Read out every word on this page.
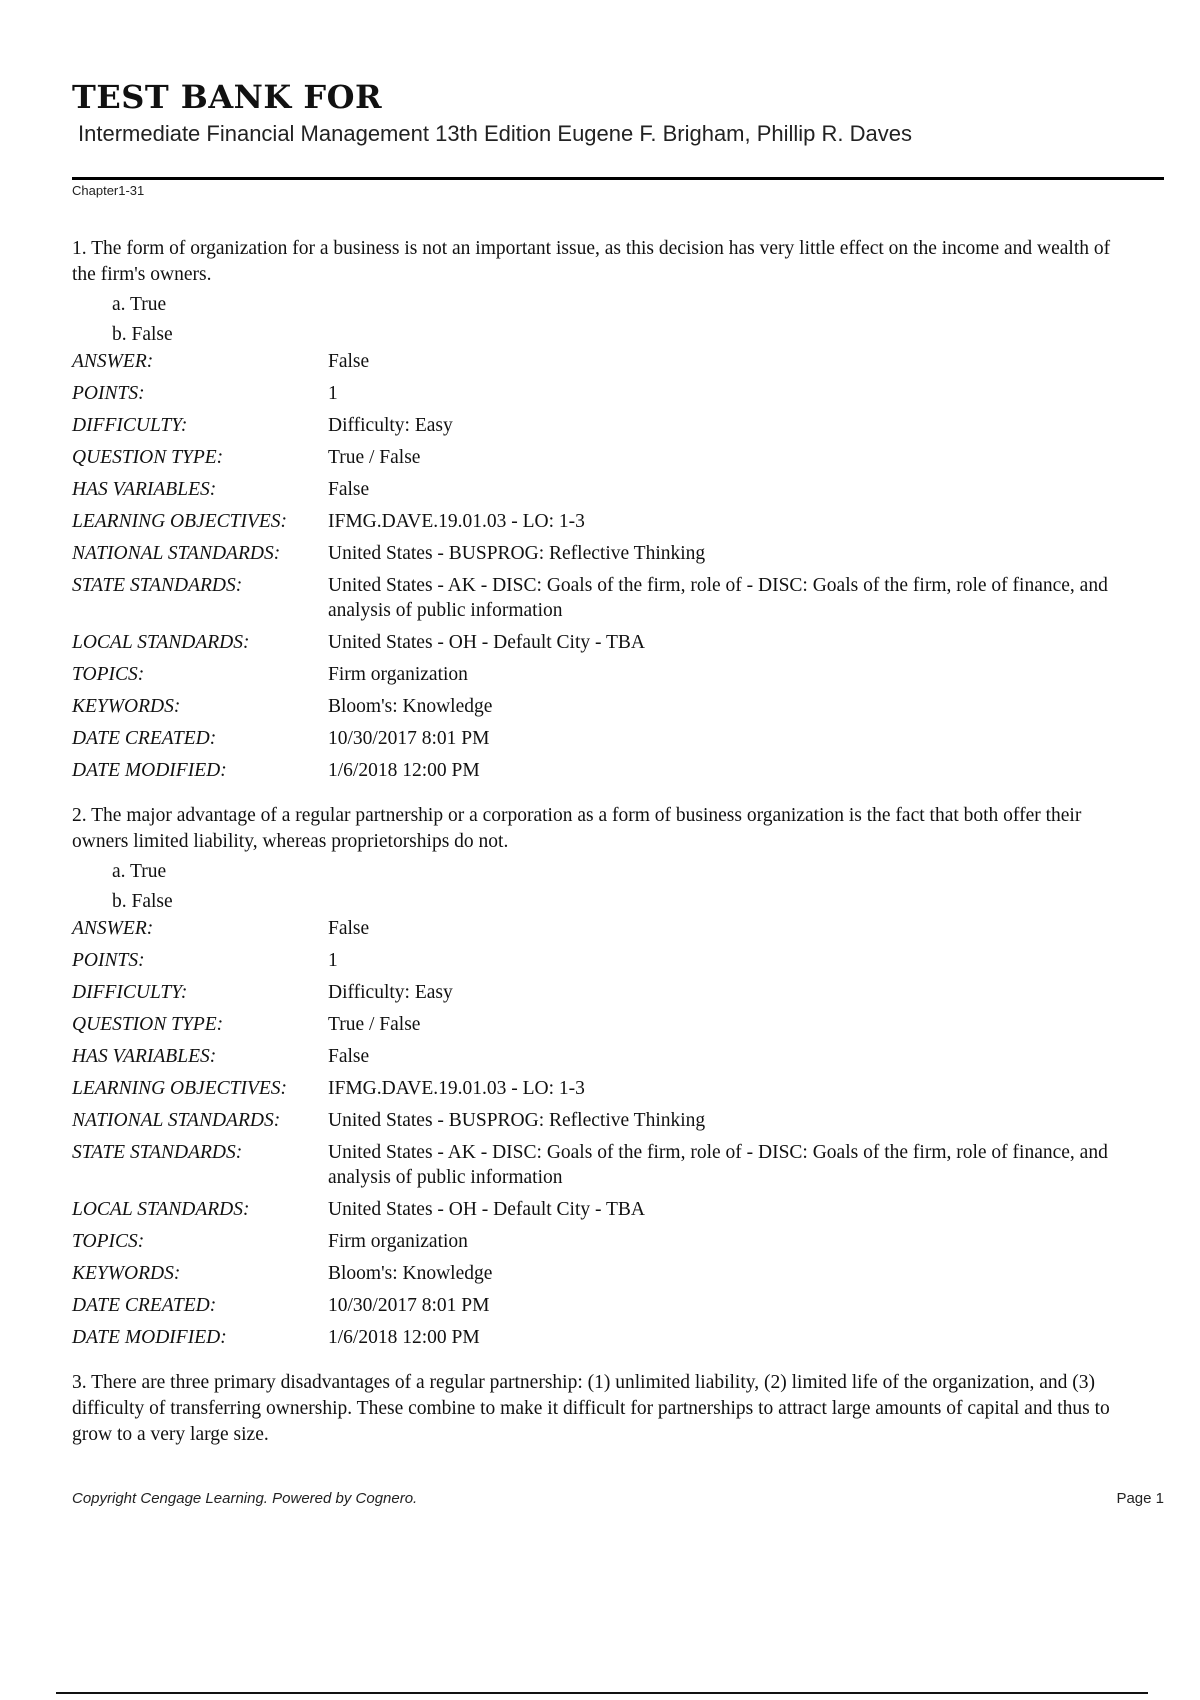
TEST BANK FOR
Intermediate Financial Management 13th Edition Eugene F. Brigham, Phillip R. Daves
Chapter1-31
1. The form of organization for a business is not an important issue, as this decision has very little effect on the income and wealth of the firm's owners.
a. True
b. False
ANSWER:	False
POINTS:	1
DIFFICULTY:	Difficulty: Easy
QUESTION TYPE:	True / False
HAS VARIABLES:	False
LEARNING OBJECTIVES:	IFMG.DAVE.19.01.03 - LO: 1-3
NATIONAL STANDARDS:	United States - BUSPROG: Reflective Thinking
STATE STANDARDS:	United States - AK - DISC: Goals of the firm, role of - DISC: Goals of the firm, role of finance, and analysis of public information
LOCAL STANDARDS:	United States - OH - Default City - TBA
TOPICS:	Firm organization
KEYWORDS:	Bloom's: Knowledge
DATE CREATED:	10/30/2017 8:01 PM
DATE MODIFIED:	1/6/2018 12:00 PM
2. The major advantage of a regular partnership or a corporation as a form of business organization is the fact that both offer their owners limited liability, whereas proprietorships do not.
a. True
b. False
ANSWER:	False
POINTS:	1
DIFFICULTY:	Difficulty: Easy
QUESTION TYPE:	True / False
HAS VARIABLES:	False
LEARNING OBJECTIVES:	IFMG.DAVE.19.01.03 - LO: 1-3
NATIONAL STANDARDS:	United States - BUSPROG: Reflective Thinking
STATE STANDARDS:	United States - AK - DISC: Goals of the firm, role of - DISC: Goals of the firm, role of finance, and analysis of public information
LOCAL STANDARDS:	United States - OH - Default City - TBA
TOPICS:	Firm organization
KEYWORDS:	Bloom's: Knowledge
DATE CREATED:	10/30/2017 8:01 PM
DATE MODIFIED:	1/6/2018 12:00 PM
3. There are three primary disadvantages of a regular partnership: (1) unlimited liability, (2) limited life of the organization, and (3) difficulty of transferring ownership. These combine to make it difficult for partnerships to attract large amounts of capital and thus to grow to a very large size.
Copyright Cengage Learning. Powered by Cognero.	Page 1
